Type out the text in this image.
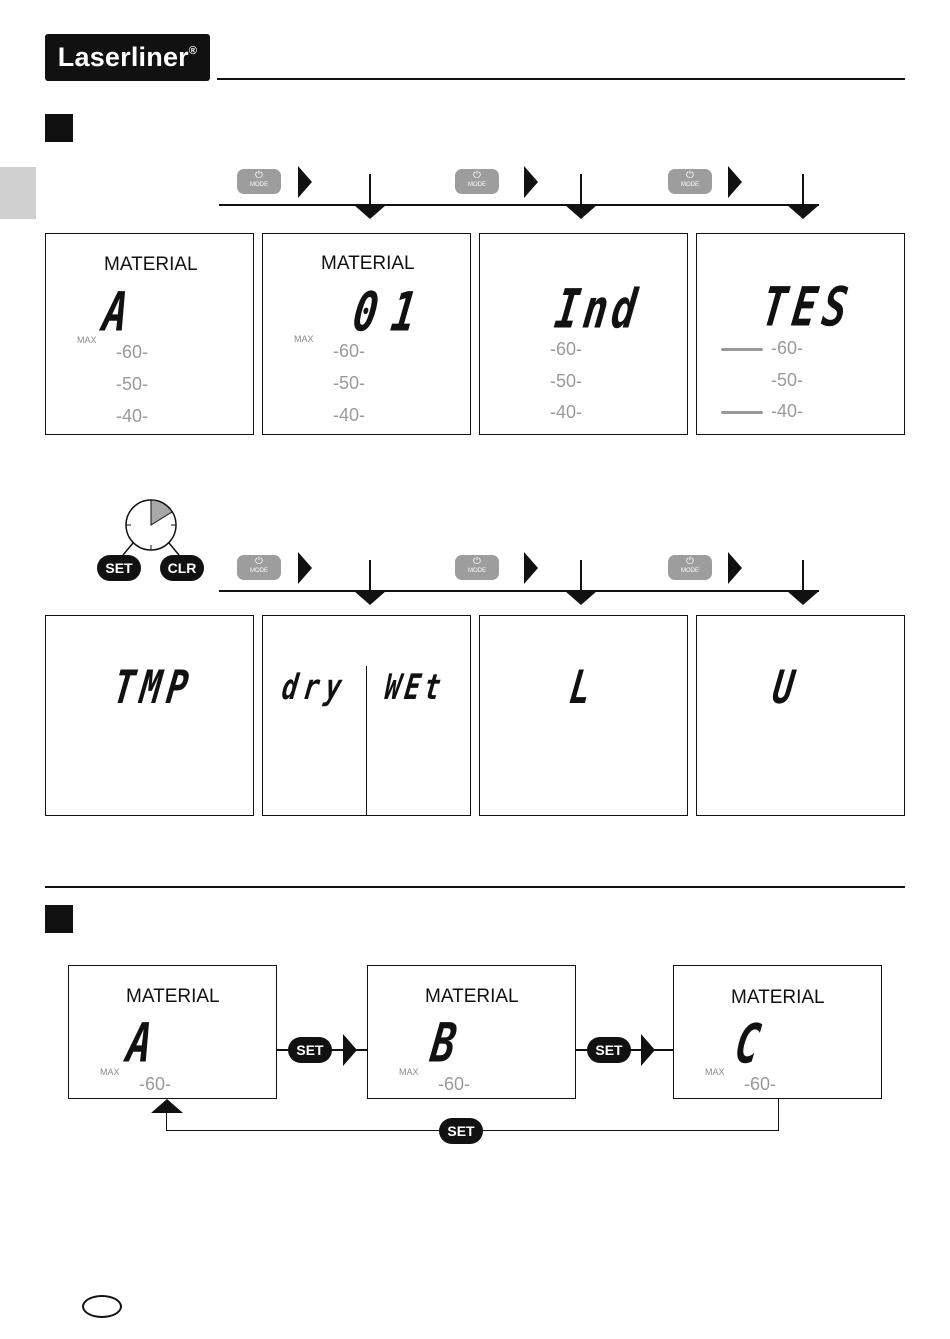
Laserliner®
⏻
MODE
⏻
MODE
⏻
MODE
MATERIAL
A
MAX
-60-
-50-
-40-
MATERIAL
01
MAX
-60-
-50-
-40-
Ind
-60-
-50-
-40-
TES
-60-
-50-
-40-
SET	CLR	⏻
MODE
⏻
MODE
⏻
MODE
TMP	dry WEt	L	U
MATERIAL
A
MAX
-60-
MATERIAL
B
MAX
-60-
MATERIAL
C
MAX
-60-
SET	SET
SET
